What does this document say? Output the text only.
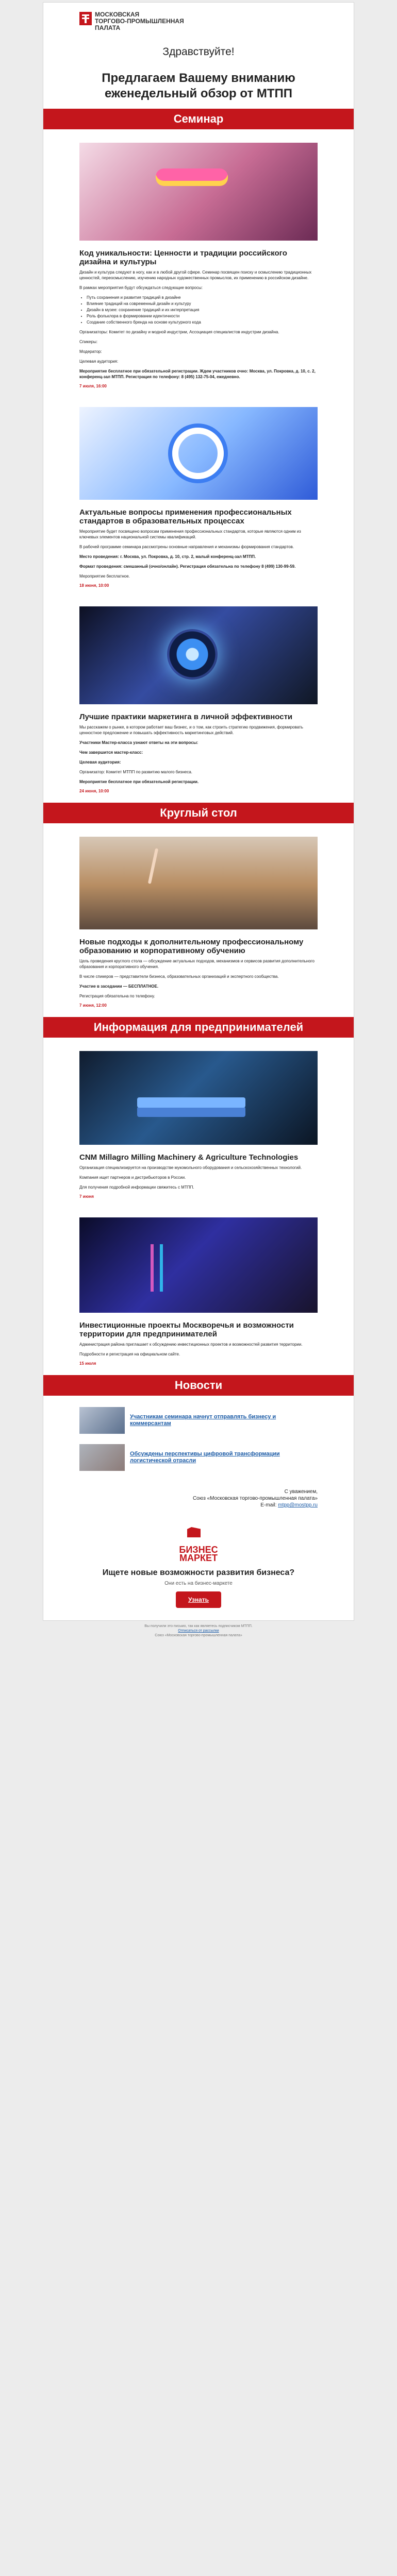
МОСКОВСКАЯ
ТОРГОВО-ПРОМЫШЛЕННАЯ
ПАЛАТА
Здравствуйте!
Предлагаем Вашему вниманию еженедельный обзор от МТПП
Семинар
Код уникальности: Ценности и традиции российского дизайна и культуры

Дизайн и культура следуют в ногу, как и в любой другой сфере. Семинар посвящен поиску и осмыслению традиционных ценностей, переосмыслению, изучению народных художественных промыслов, их применению в российском дизайне.

В рамках мероприятия будут обсуждаться следующие вопросы:

• Путь сохранения и развития традиций в дизайне
• Влияние традиций на современный дизайн и культуру
• Дизайн в музее: сохранение традиций и их интерпретация
• Роль фольклора в формировании идентичности
• Создание собственного бренда на основе культурного кода

Организаторы: Комитет по дизайну и модной индустрии, Ассоциация специалистов индустрии дизайна.

Спикеры:

Модератор:

Целевая аудитория:

Мероприятие бесплатное при обязательной регистрации. Ждем участников очно: Москва, ул. Покровка, д. 10, с. 2, конференц-зал МТПП. Регистрация по телефону: 8 (495) 132-75-04, ежедневно.

7 июля, 16:00
Актуальные вопросы применения профессиональных стандартов в образовательных процессах

Мероприятие будет посвящено вопросам применения профессиональных стандартов, которые являются одним из ключевых элементов национальной системы квалификаций.

В рабочей программе семинара рассмотрены основные направления и механизмы формирования стандартов.

Место проведения: г. Москва, ул. Покровка, д. 10, стр. 2, малый конференц-зал МТПП.

Формат проведения: смешанный (очно/онлайн). Регистрация обязательна по телефону 8 (499) 130-99-59.

Мероприятие бесплатное.

18 июня, 10:00
Лучшие практики маркетинга в личной эффективности

Мы расскажем о рынке, в котором работает ваш бизнес, и о том, как строить стратегию продвижения, формировать ценностное предложение и повышать эффективность маркетинговых действий.

Участники Мастер-класса узнают ответы на эти вопросы:

Чем завершится мастер-класс:

Целевая аудитория:

Организатор: Комитет МТПП по развитию малого бизнеса.

Мероприятие бесплатное при обязательной регистрации.

24 июня, 10:00
Круглый стол
Новые подходы к дополнительному профессиональному образованию и корпоративному обучению

Цель проведения круглого стола — обсуждение актуальных подходов, механизмов и сервисов развития дополнительного образования и корпоративного обучения.

В числе спикеров — представители бизнеса, образовательных организаций и экспертного сообщества.

Участие в заседании — БЕСПЛАТНОЕ.

Регистрация обязательна по телефону.

7 июня, 12:00
Информация для предпринимателей
CNM Millagro Milling Machinery & Agriculture Technologies

Организация специализируется на производстве мукомольного оборудования и сельскохозяйственных технологий.

Компания ищет партнеров и дистрибьюторов в России.

Для получения подробной информации свяжитесь с МТПП.

7 июня
Инвестиционные проекты Москворечья и возможности территории для предпринимателей

Администрация района приглашает к обсуждению инвестиционных проектов и возможностей развития территории.

Подробности и регистрация на официальном сайте.

15 июля
Новости
Участникам семинара начнут отправлять бизнесу и коммерсантам
Обсуждены перспективы цифровой трансформации логистической отрасли
С уважением,
Союз «Московская торгово-промышленная палата»
E-mail: mtpp@mostpp.ru
БИЗНЕС
МАРКЕТ
Ищете новые возможности развития бизнеса?
Они есть на бизнес-маркете
Узнать
Вы получили это письмо, так как являетесь подписчиком МТПП.
Отписаться от рассылки
Союз «Московская торгово-промышленная палата»
